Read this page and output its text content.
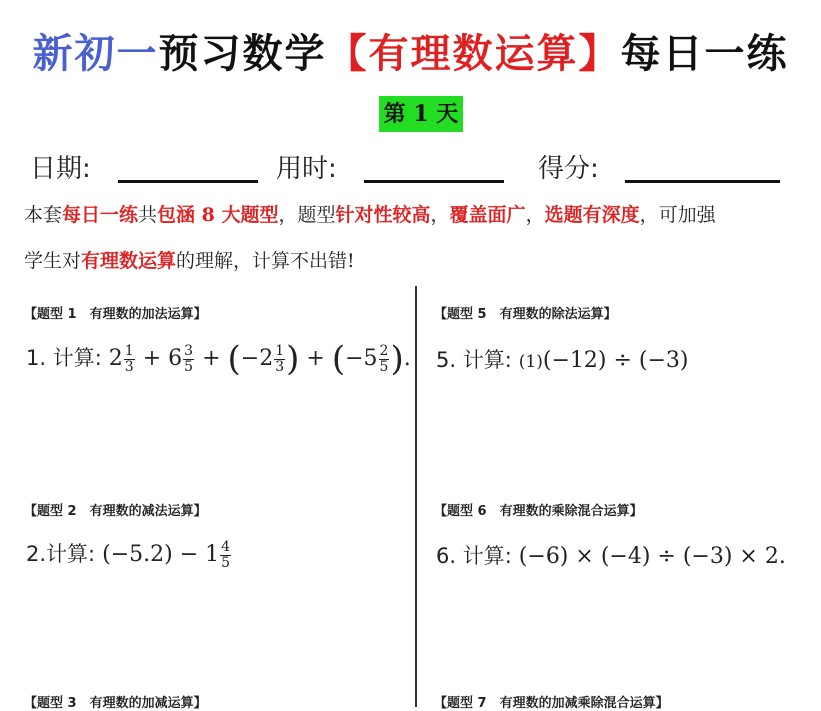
新初一预习数学【有理数运算】每日一练
第 1 天
日期:	用时:	得分:
本套每日一练共包涵 8 大题型，题型针对性较高，覆盖面广，选题有深度，可加强
学生对有理数运算的理解，计算不出错!
【题型 1　有理数的加法运算】
1. 计算: $2 \frac{1}{3} + 6 \frac{3}{5} + (-2 \frac{1}{3}$ ) + ($-5 \frac{2}{5}$ ).
【题型 2　有理数的减法运算】
2.计算: $(-5.2) - 1 \frac{4}{5}$
【题型 3　有理数的加减运算】
【题型 5　有理数的除法运算】
5. 计算: (1)(−12) ÷ (−3)
【题型 6　有理数的乘除混合运算】
6. 计算: (−6) × (−4) ÷ (−3) × 2.
【题型 7　有理数的加减乘除混合运算】
